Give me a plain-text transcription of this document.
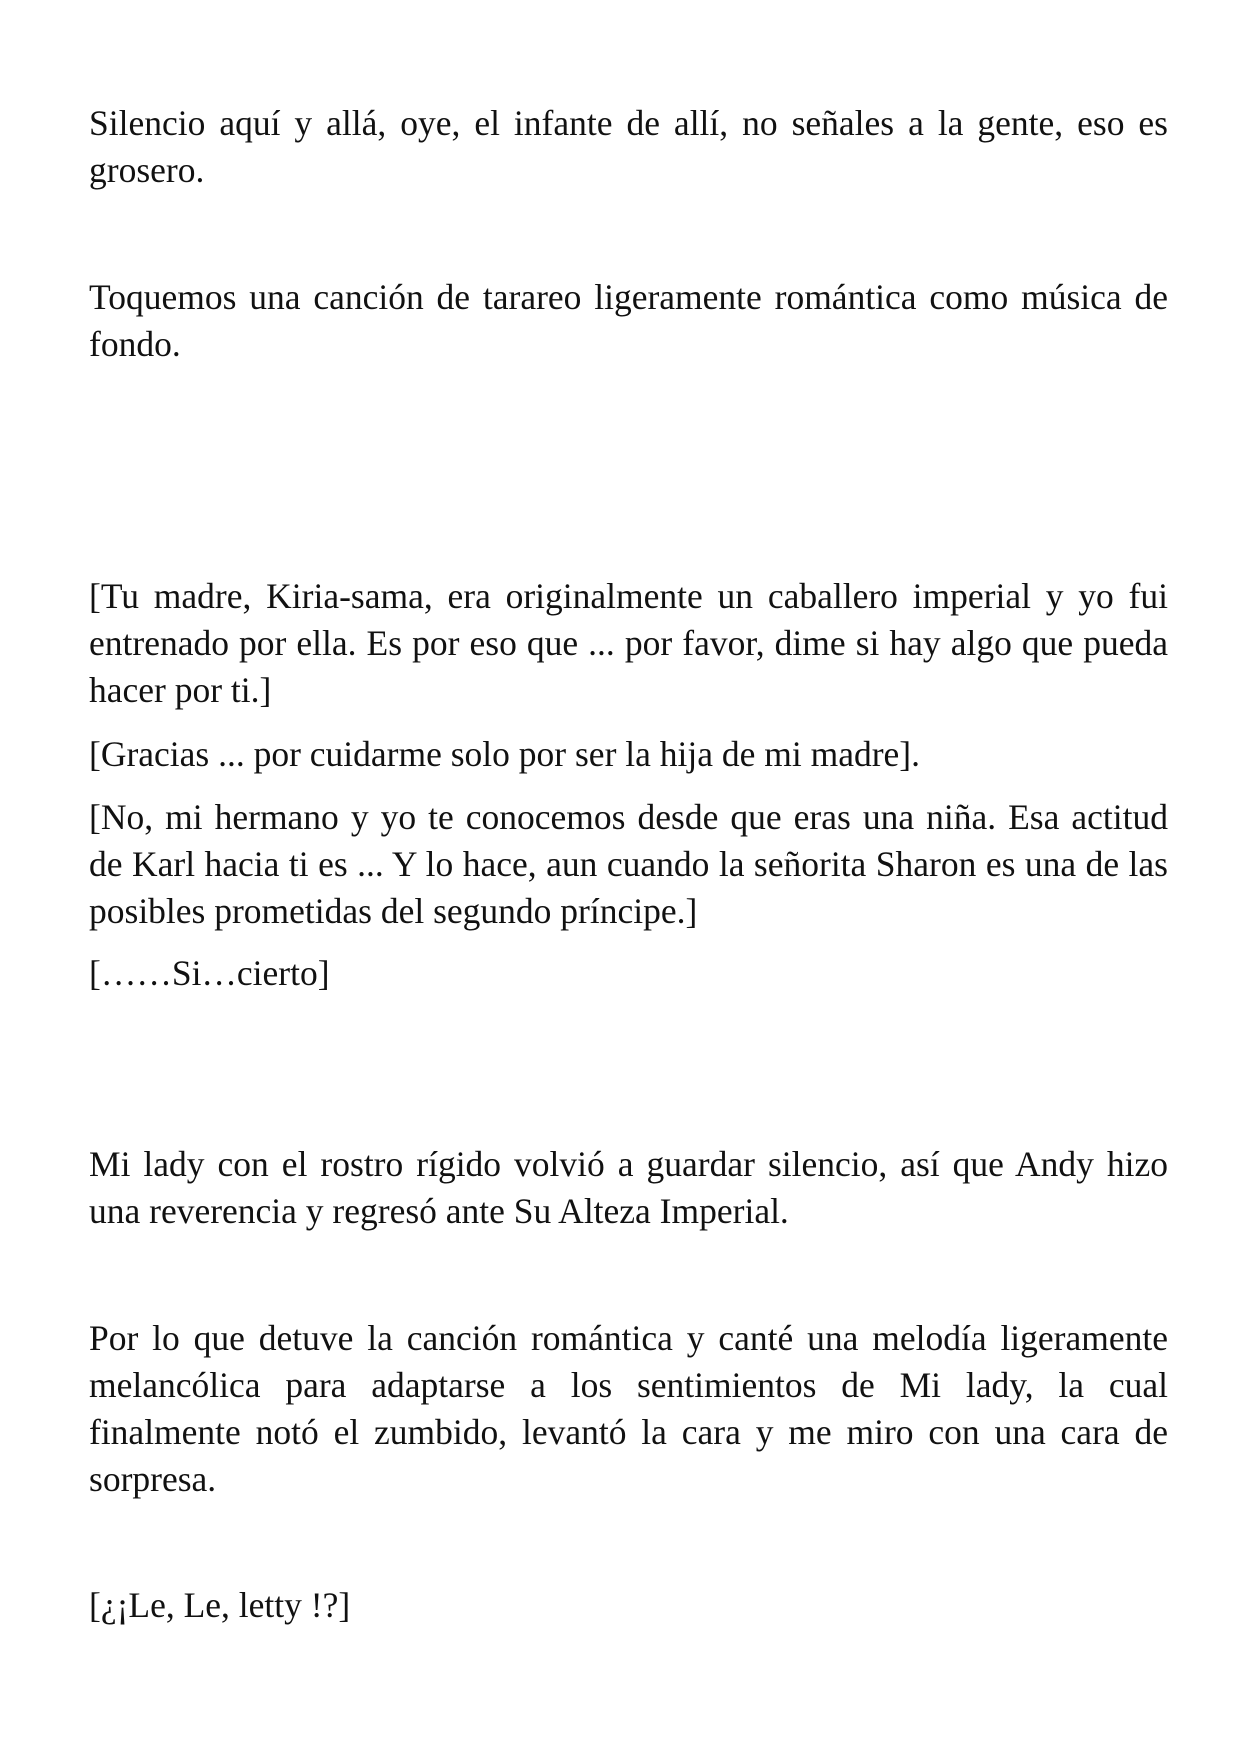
Silencio aquí y allá, oye, el infante de allí, no señales a la gente, eso es grosero.

Toquemos una canción de tarareo ligeramente romántica como música de fondo.

[Tu madre, Kiria-sama, era originalmente un caballero imperial y yo fui entrenado por ella. Es por eso que ... por favor, dime si hay algo que pueda hacer por ti.]

[Gracias ... por cuidarme solo por ser la hija de mi madre].

[No, mi hermano y yo te conocemos desde que eras una niña. Esa actitud de Karl hacia ti es ... Y lo hace, aun cuando la señorita Sharon es una de las posibles prometidas del segundo príncipe.]

[……Si…cierto]

Mi lady con el rostro rígido volvió a guardar silencio, así que Andy hizo una reverencia y regresó ante Su Alteza Imperial.

Por lo que detuve la canción romántica y canté una melodía ligeramente melancólica para adaptarse a los sentimientos de Mi lady, la cual finalmente notó el zumbido, levantó la cara y me miro con una cara de sorpresa.

[¿¡Le, Le, letty !?]
